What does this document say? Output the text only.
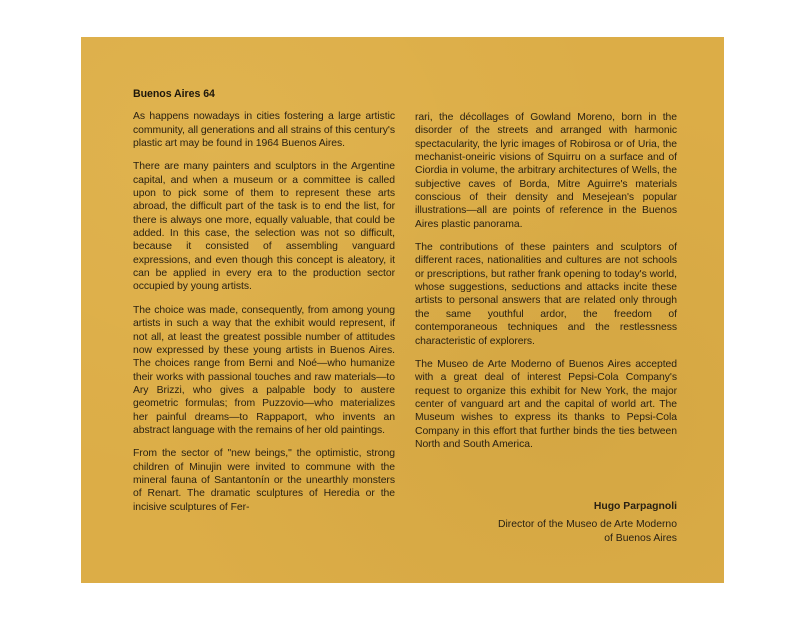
Buenos Aires 64

As happens nowadays in cities fostering a large artistic community, all generations and all strains of this century's plastic art may be found in 1964 Buenos Aires.

There are many painters and sculptors in the Argentine capital, and when a museum or a committee is called upon to pick some of them to represent these arts abroad, the difficult part of the task is to end the list, for there is always one more, equally valuable, that could be added. In this case, the selection was not so difficult, because it consisted of assembling vanguard expressions, and even though this concept is aleatory, it can be applied in every era to the production sector occupied by young artists.

The choice was made, consequently, from among young artists in such a way that the exhibit would represent, if not all, at least the greatest possible number of attitudes now expressed by these young artists in Buenos Aires. The choices range from Berni and Noé—who humanize their works with passional touches and raw materials—to Ary Brizzi, who gives a palpable body to austere geometric formulas; from Puzzovio—who materializes her painful dreams—to Rappaport, who invents an abstract language with the remains of her old paintings.

From the sector of "new beings," the optimistic, strong children of Minujin were invited to commune with the mineral fauna of Santantonín or the unearthly monsters of Renart. The dramatic sculptures of Heredia or the incisive sculptures of Fer-

rari, the décollages of Gowland Moreno, born in the disorder of the streets and arranged with harmonic spectacularity, the lyric images of Robirosa or of Uria, the mechanist-oneiric visions of Squirru on a surface and of Ciordia in volume, the arbitrary architectures of Wells, the subjective caves of Borda, Mitre Aguirre's materials conscious of their density and Mesejean's popular illustrations—all are points of reference in the Buenos Aires plastic panorama.

The contributions of these painters and sculptors of different races, nationalities and cultures are not schools or prescriptions, but rather frank opening to today's world, whose suggestions, seductions and attacks incite these artists to personal answers that are related only through the same youthful ardor, the freedom of contemporaneous techniques and the restlessness characteristic of explorers.

The Museo de Arte Moderno of Buenos Aires accepted with a great deal of interest Pepsi-Cola Company's request to organize this exhibit for New York, the major center of vanguard art and the capital of world art. The Museum wishes to express its thanks to Pepsi-Cola Company in this effort that further binds the ties between North and South America.

Hugo Parpagnoli
Director of the Museo de Arte Moderno
of Buenos Aires
